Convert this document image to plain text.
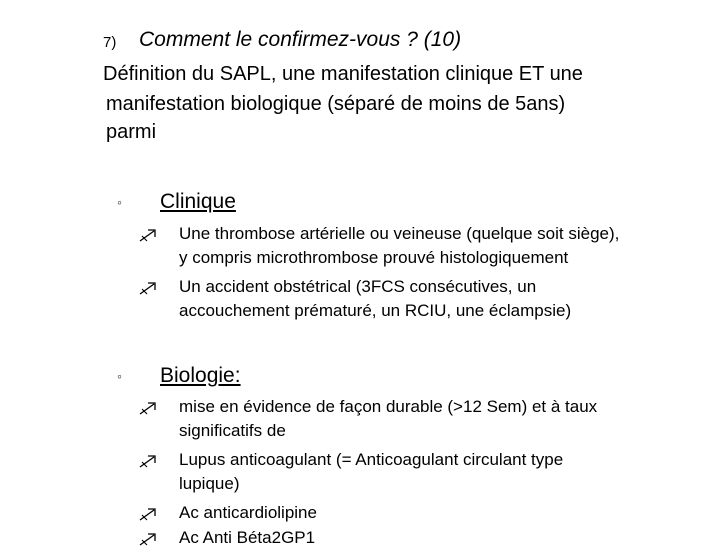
7) Comment le confirmez-vous ? (10)
Définition du SAPL, une manifestation clinique ET une
manifestation biologique (séparé de moins de 5ans)
parmi
◦ Clinique
Une thrombose artérielle ou veineuse (quelque soit siège),
y compris microthrombose prouvé histologiquement
Un accident obstétrical (3FCS consécutives, un
accouchement prématuré, un RCIU, une éclampsie)
◦ Biologie:
mise en évidence de façon durable (>12 Sem) et à taux
significatifs de
Lupus anticoagulant (= Anticoagulant circulant type
lupique)
Ac anticardiolipine
Ac Anti Béta2GP1
